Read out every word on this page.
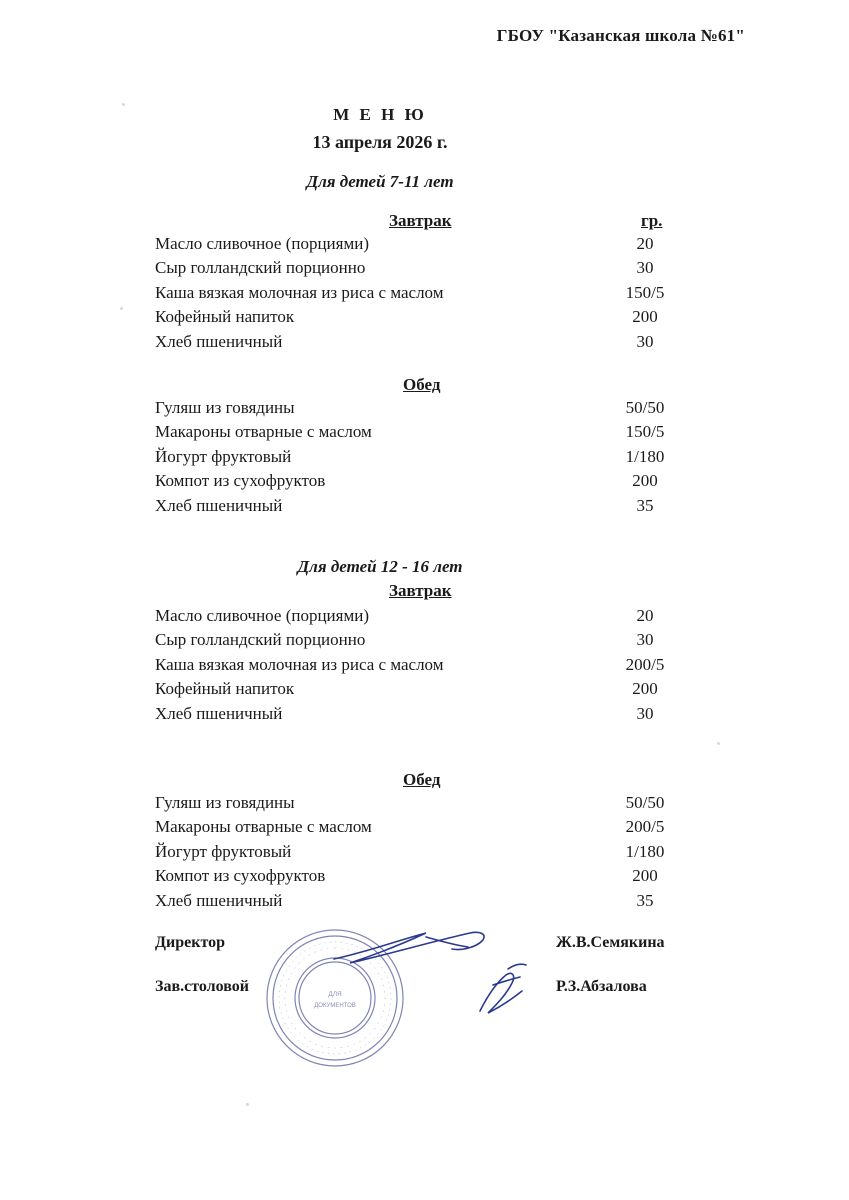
ГБОУ "Казанская школа №61"
М Е Н Ю
13 апреля 2026 г.
Для детей 7-11 лет
Завтрак	гр.
Масло сливочное (порциями)	20
Сыр голландский порционно	30
Каша вязкая молочная из риса с маслом	150/5
Кофейный напиток	200
Хлеб пшеничный	30
Обед
Гуляш из говядины	50/50
Макароны отварные с маслом	150/5
Йогурт фруктовый	1/180
Компот из сухофруктов	200
Хлеб пшеничный	35
Для детей 12 - 16 лет
Завтрак
Масло сливочное (порциями)	20
Сыр голландский порционно	30
Каша вязкая молочная из риса с маслом	200/5
Кофейный напиток	200
Хлеб пшеничный	30
Обед
Гуляш из говядины	50/50
Макароны отварные с маслом	200/5
Йогурт фруктовый	1/180
Компот из сухофруктов	200
Хлеб пшеничный	35
Директор	Ж.В.Семякина
Зав.столовой	Р.З.Абзалова
ДЛЯ
ДОКУМЕНТОВ
